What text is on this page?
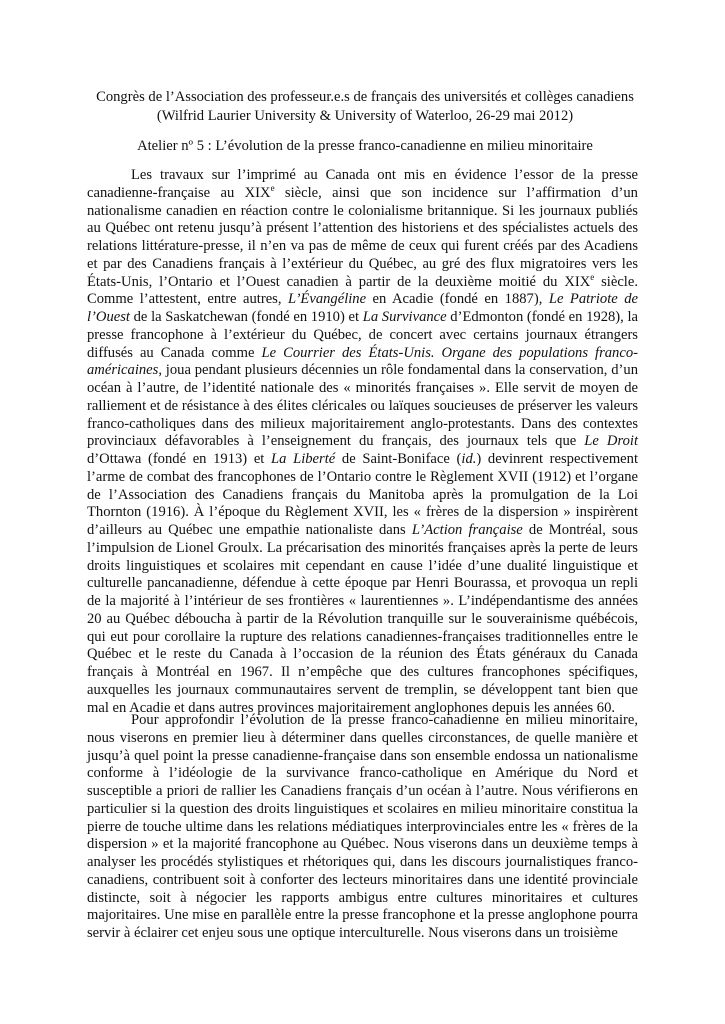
Congrès de l’Association des professeur.e.s de français des universités et collèges canadiens
(Wilfrid Laurier University & University of Waterloo, 26-29 mai 2012)
Atelier nº 5 : L’évolution de la presse franco-canadienne en milieu minoritaire

Les travaux sur l’imprimé au Canada ont mis en évidence l’essor de la presse canadienne-française au XIXe siècle, ainsi que son incidence sur l’affirmation d’un nationalisme canadien en réaction contre le colonialisme britannique. Si les journaux publiés au Québec ont retenu jusqu’à présent l’attention des historiens et des spécialistes actuels des relations littérature-presse, il n’en va pas de même de ceux qui furent créés par des Acadiens et par des Canadiens français à l’extérieur du Québec, au gré des flux migratoires vers les États-Unis, l’Ontario et l’Ouest canadien à partir de la deuxième moitié du XIXe siècle. Comme l’attestent, entre autres, L’Évangéline en Acadie (fondé en 1887), Le Patriote de l’Ouest de la Saskatchewan (fondé en 1910) et La Survivance d’Edmonton (fondé en 1928), la presse francophone à l’extérieur du Québec, de concert avec certains journaux étrangers diffusés au Canada comme Le Courrier des États-Unis. Organe des populations franco-américaines, joua pendant plusieurs décennies un rôle fondamental dans la conservation, d’un océan à l’autre, de l’identité nationale des « minorités françaises ». Elle servit de moyen de ralliement et de résistance à des élites cléricales ou laïques soucieuses de préserver les valeurs franco-catholiques dans des milieux majoritairement anglo-protestants. Dans des contextes provinciaux défavorables à l’enseignement du français, des journaux tels que Le Droit d’Ottawa (fondé en 1913) et La Liberté de Saint-Boniface (id.) devinrent respectivement l’arme de combat des francophones de l’Ontario contre le Règlement XVII (1912) et l’organe de l’Association des Canadiens français du Manitoba après la promulgation de la Loi Thornton (1916). À l’époque du Règlement XVII, les « frères de la dispersion » inspirèrent d’ailleurs au Québec une empathie nationaliste dans L’Action française de Montréal, sous l’impulsion de Lionel Groulx. La précarisation des minorités françaises après la perte de leurs droits linguistiques et scolaires mit cependant en cause l’idée d’une dualité linguistique et culturelle pancanadienne, défendue à cette époque par Henri Bourassa, et provoqua un repli de la majorité à l’intérieur de ses frontières « laurentiennes ». L’indépendantisme des années 20 au Québec déboucha à partir de la Révolution tranquille sur le souverainisme québécois, qui eut pour corollaire la rupture des relations canadiennes-françaises traditionnelles entre le Québec et le reste du Canada à l’occasion de la réunion des États généraux du Canada français à Montréal en 1967. Il n’empêche que des cultures francophones spécifiques, auxquelles les journaux communautaires servent de tremplin, se développent tant bien que mal en Acadie et dans autres provinces majoritairement anglophones depuis les années 60.

Pour approfondir l’évolution de la presse franco-canadienne en milieu minoritaire, nous viserons en premier lieu à déterminer dans quelles circonstances, de quelle manière et jusqu’à quel point la presse canadienne-française dans son ensemble endossa un nationalisme conforme à l’idéologie de la survivance franco-catholique en Amérique du Nord et susceptible a priori de rallier les Canadiens français d’un océan à l’autre. Nous vérifierons en particulier si la question des droits linguistiques et scolaires en milieu minoritaire constitua la pierre de touche ultime dans les relations médiatiques interprovinciales entre les « frères de la dispersion » et la majorité francophone au Québec. Nous viserons dans un deuxième temps à analyser les procédés stylistiques et rhétoriques qui, dans les discours journalistiques franco-canadiens, contribuent soit à conforter des lecteurs minoritaires dans une identité provinciale distincte, soit à négocier les rapports ambigus entre cultures minoritaires et cultures majoritaires. Une mise en parallèle entre la presse francophone et la presse anglophone pourra servir à éclairer cet enjeu sous une optique interculturelle. Nous viserons dans un troisième
